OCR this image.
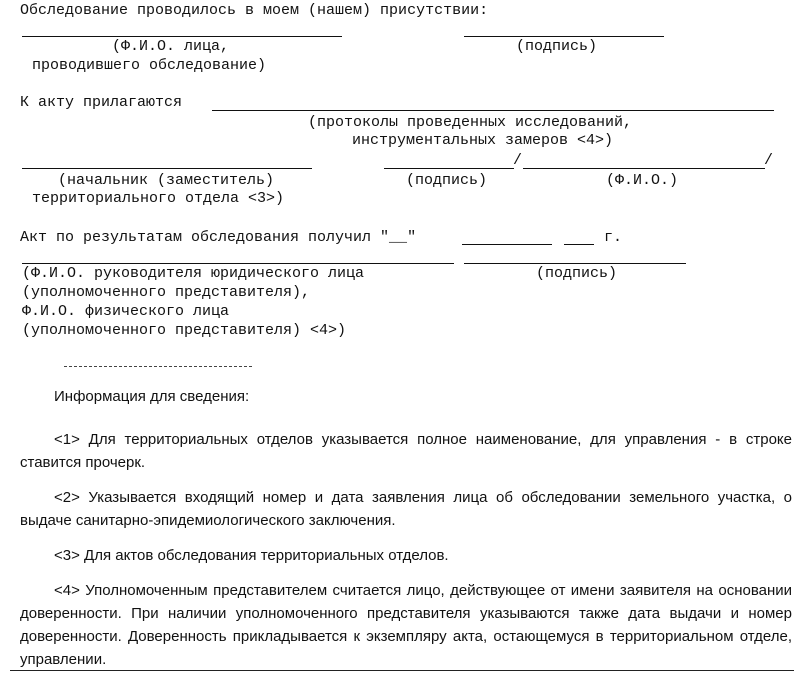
Обследование проводилось в моем (нашем) присутствии:
(Ф.И.О. лица,	(подпись)
проводившего обследование)
К акту прилагаются
(протоколы проведенных исследований,
инструментальных замеров <4>)
/	/
(начальник (заместитель)	(подпись)	(Ф.И.О.)
территориального отдела <3>)
Акт по результатам обследования получил "__"	г.
(Ф.И.О. руководителя юридического лица	(подпись)
(уполномоченного представителя),
Ф.И.О. физического лица
(уполномоченного представителя) <4>)

Информация для сведения:

<1> Для территориальных отделов указывается полное наименование, для управления - в строке ставится прочерк.

<2> Указывается входящий номер и дата заявления лица об обследовании земельного участка, о выдаче санитарно-эпидемиологического заключения.

<3> Для актов обследования территориальных отделов.

<4> Уполномоченным представителем считается лицо, действующее от имени заявителя на основании доверенности. При наличии уполномоченного представителя указываются также дата выдачи и номер доверенности. Доверенность прикладывается к экземпляру акта, остающемуся в территориальном отделе, управлении.
